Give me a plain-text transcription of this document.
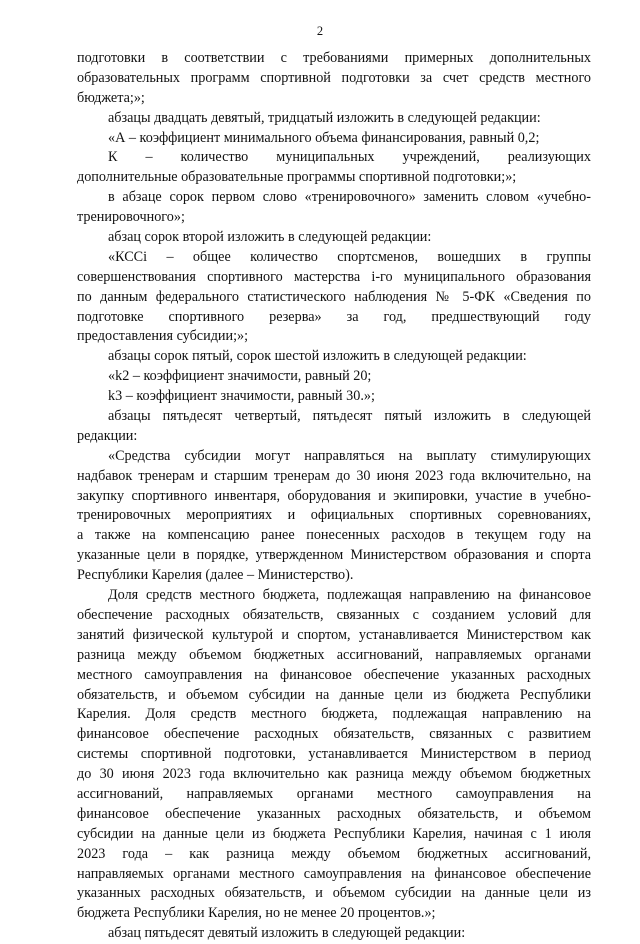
2
подготовки в соответствии с требованиями примерных дополнительных
образовательных программ спортивной подготовки за счет средств местного
бюджета;»;
абзацы двадцать девятый, тридцатый изложить в следующей редакции:
«А – коэффициент минимального объема финансирования, равный 0,2;
К – количество муниципальных учреждений, реализующих
дополнительные образовательные программы спортивной подготовки;»;
в абзаце сорок первом слово «тренировочного» заменить словом «учебно-
тренировочного»;
абзац сорок второй изложить в следующей редакции:
«КССi – общее количество спортсменов, вошедших в группы
совершенствования спортивного мастерства i-го муниципального образования
по данным федерального статистического наблюдения № 5-ФК «Сведения по
подготовке спортивного резерва» за год, предшествующий году
предоставления субсидии;»;
абзацы сорок пятый, сорок шестой изложить в следующей редакции:
«k2 – коэффициент значимости, равный 20;
k3 – коэффициент значимости, равный 30.»;
абзацы пятьдесят четвертый, пятьдесят пятый изложить в следующей
редакции:
«Средства субсидии могут направляться на выплату стимулирующих
надбавок тренерам и старшим тренерам до 30 июня 2023 года включительно, на
закупку спортивного инвентаря, оборудования и экипировки, участие в учебно-
тренировочных мероприятиях и официальных спортивных соревнованиях,
а также на компенсацию ранее понесенных расходов в текущем году на
указанные цели в порядке, утвержденном Министерством образования и спорта
Республики Карелия (далее – Министерство).
Доля средств местного бюджета, подлежащая направлению на финансовое
обеспечение расходных обязательств, связанных с созданием условий для
занятий физической культурой и спортом, устанавливается Министерством как
разница между объемом бюджетных ассигнований, направляемых органами
местного самоуправления на финансовое обеспечение указанных расходных
обязательств, и объемом субсидии на данные цели из бюджета Республики
Карелия. Доля средств местного бюджета, подлежащая направлению на
финансовое обеспечение расходных обязательств, связанных с развитием
системы спортивной подготовки, устанавливается Министерством в период
до 30 июня 2023 года включительно как разница между объемом бюджетных
ассигнований, направляемых органами местного самоуправления на
финансовое обеспечение указанных расходных обязательств, и объемом
субсидии на данные цели из бюджета Республики Карелия, начиная с 1 июля
2023 года – как разница между объемом бюджетных ассигнований,
направляемых органами местного самоуправления на финансовое обеспечение
указанных расходных обязательств, и объемом субсидии на данные цели из
бюджета Республики Карелия, но не менее 20 процентов.»;
абзац пятьдесят девятый изложить в следующей редакции:
